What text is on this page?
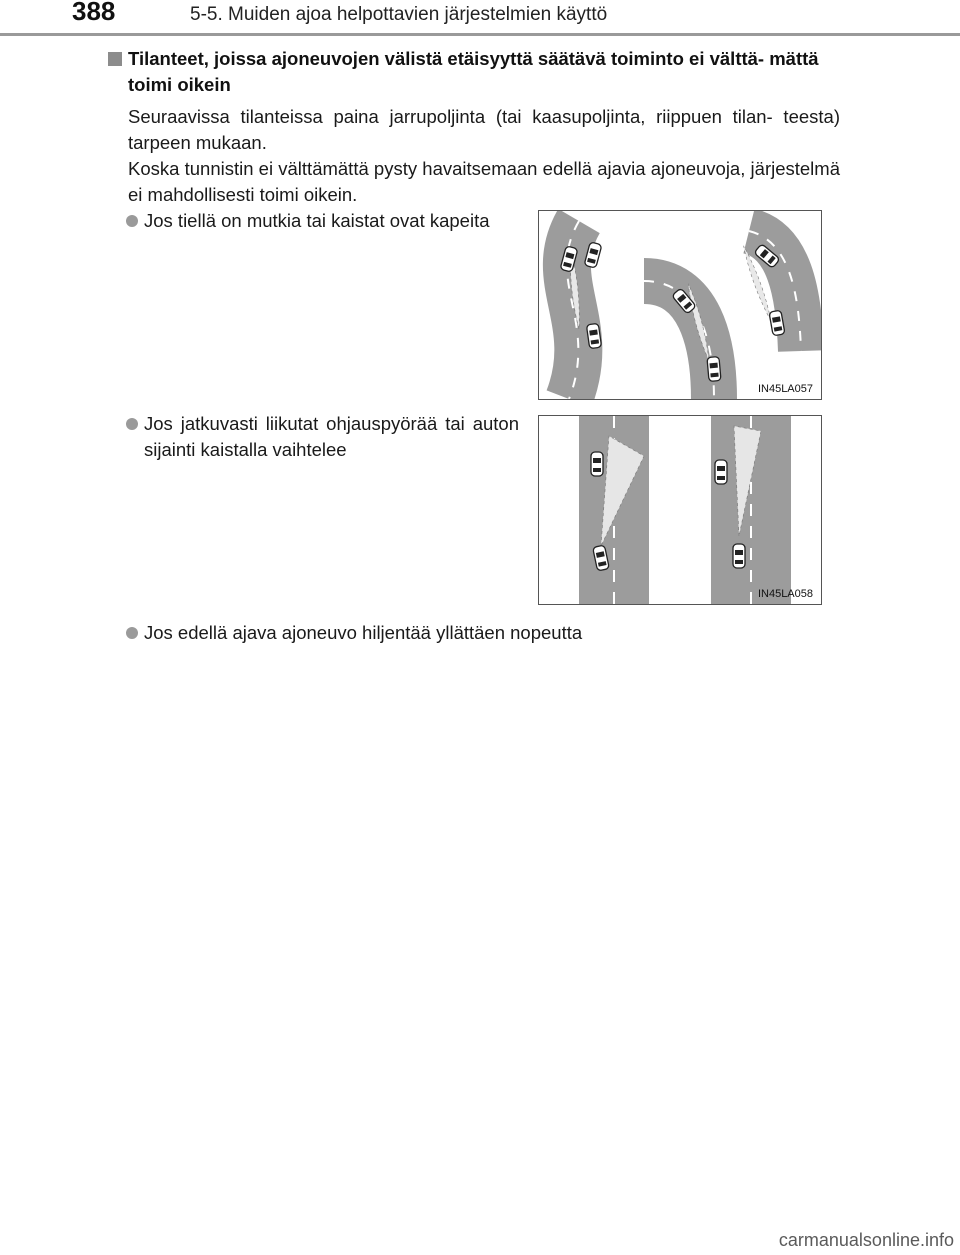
388	5-5. Muiden ajoa helpottavien järjestelmien käyttö
Tilanteet, joissa ajoneuvojen välistä etäisyyttä säätävä toiminto ei välttä- mättä toimi oikein
Seuraavissa tilanteissa paina jarrupoljinta (tai kaasupoljinta, riippuen tilan- teesta) tarpeen mukaan.
Koska tunnistin ei välttämättä pysty havaitsemaan edellä ajavia ajoneuvoja, järjestelmä ei mahdollisesti toimi oikein.
Jos tiellä on mutkia tai kaistat ovat kapeita
IN45LA057
Jos jatkuvasti liikutat ohjauspyörää tai auton sijainti kaistalla vaihtelee
IN45LA058
Jos edellä ajava ajoneuvo hiljentää yllättäen nopeutta
carmanualsonline.info
